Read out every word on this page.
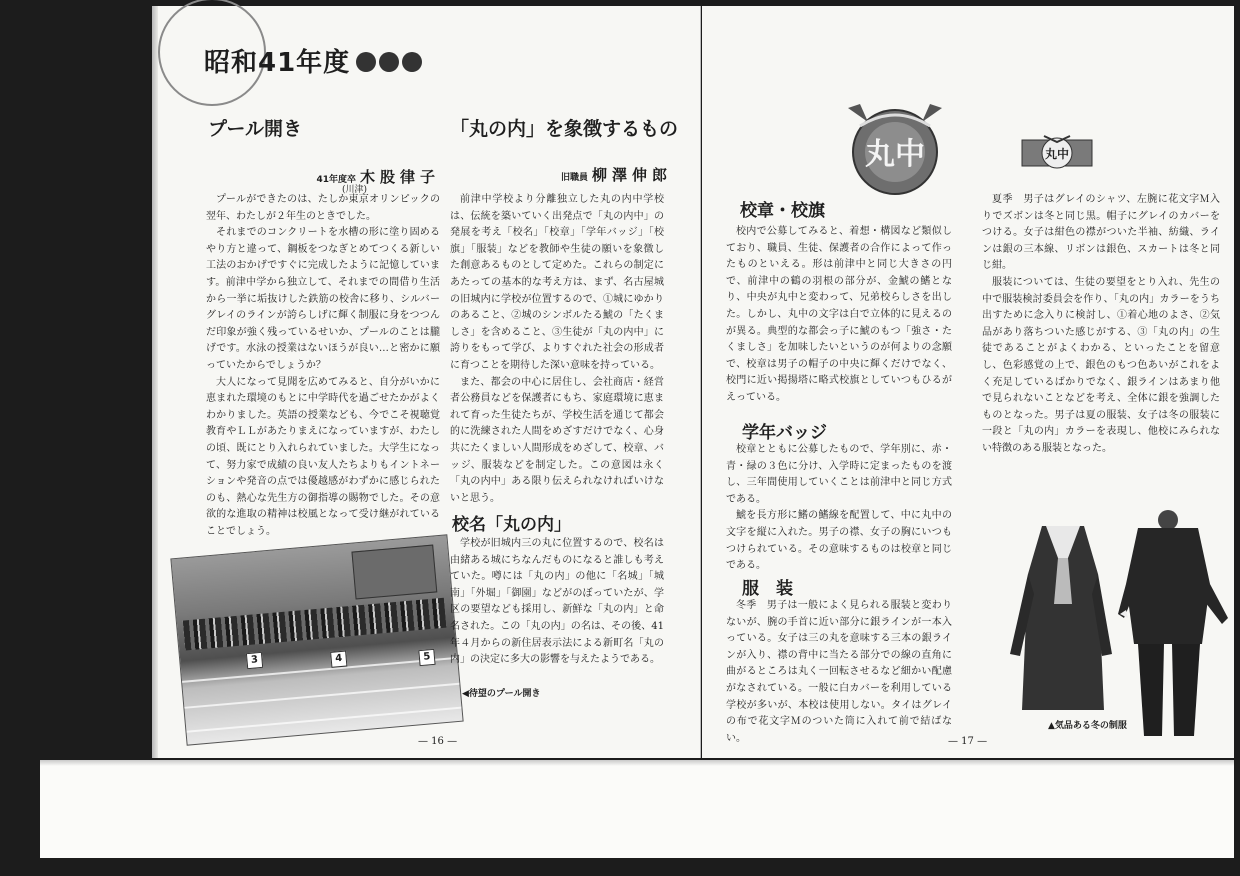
昭和41年度
プール開き
41年度卒 木股律子
(川津)

プールができたのは、たしか東京オリンピックの翌年、わたしが２年生のときでした。

それまでのコンクリートを水槽の形に塗り固めるやり方と違って、鋼板をつなぎとめてつくる新しい工法のおかげですぐに完成したように記憶しています。前津中学から独立して、それまでの間借り生活から一挙に垢抜けした鉄筋の校舎に移り、シルバーグレイのラインが誇らしげに輝く制服に身をつつんだ印象が強く残っているせいか、プールのことは朧げです。水泳の授業はないほうが良い…と密かに願っていたからでしょうか？

大人になって見聞を広めてみると、自分がいかに恵まれた環境のもとに中学時代を過ごせたかがよくわかりました。英語の授業なども、今でこそ視聴覚教育やＬＬがあたりまえになっていますが、わたしの頃、既にとり入れられていました。大学生になって、努力家で成績の良い友人たちよりもイントネーションや発音の点では優越感がわずかに感じられたのも、熱心な先生方の御指導の賜物でした。その意欲的な進取の精神は校風となって受け継がれていることでしょう。

3	4	5
◀待望のプール開き
「丸の内」を象徴するもの
旧職員 柳澤伸郎

前津中学校より分離独立した丸の内中学校は、伝統を築いていく出発点で「丸の内中」の発展を考え「校名」「校章」「学年バッジ」「校旗」「服装」などを教師や生徒の願いを象徴した創意あるものとして定めた。これらの制定にあたっての基本的な考え方は、まず、名古屋城の旧城内に学校が位置するので、①城にゆかりのあること、②城のシンボルたる鯱の「たくましさ」を含めること、③生徒が「丸の内中」に誇りをもって学び、よりすぐれた社会の形成者に育つことを期待した深い意味を持っている。

また、都会の中心に居住し、会社商店・経営者公務員などを保護者にもち、家庭環境に恵まれて育った生徒たちが、学校生活を通じて都会的に洗練された人間をめざすだけでなく、心身共にたくましい人間形成をめざして、校章、バッジ、服装などを制定した。この意図は永く「丸の内中」ある限り伝えられなければいけないと思う。

校名「丸の内」

学校が旧城内三の丸に位置するので、校名は由緒ある城にちなんだものになると誰しも考えていた。噂には「丸の内」の他に「名城」「城南」「外堀」「御園」などがのぼっていたが、学区の要望なども採用し、新鮮な「丸の内」と命名された。この「丸の内」の名は、その後、41年４月からの新住居表示法による新町名「丸の内」の決定に多大の影響を与えたようである。

— 16 —
丸中	丸中
校章・校旗

校内で公募してみると、着想・構図など類似しており、職員、生徒、保護者の合作によって作ったものといえる。形は前津中と同じ大きさの円で、前津中の鶴の羽根の部分が、金鯱の鰭となり、中央が丸中と変わって、兄弟校らしさを出した。しかし、丸中の文字は白で立体的に見えるのが異る。典型的な都会っ子に鯱のもつ「強さ・たくましさ」を加味したいというのが何よりの念願で、校章は男子の帽子の中央に輝くだけでなく、校門に近い掲揚塔に略式校旗としていつもひるがえっている。

学年バッジ

校章とともに公募したもので、学年別に、赤・青・緑の３色に分け、入学時に定まったものを渡し、三年間使用していくことは前津中と同じ方式である。

鯱を長方形に鰭の鰭線を配置して、中に丸中の文字を縦に入れた。男子の襟、女子の胸にいつもつけられている。その意味するものは校章と同じである。

服　装

冬季　男子は一般によく見られる服装と変わりないが、腕の手首に近い部分に銀ラインが一本入っている。女子は三の丸を意味する三本の銀ラインが入り、襟の背中に当たる部分での線の直角に曲がるところは丸く一回転させるなど細かい配慮がなされている。一般に白カバーを利用している学校が多いが、本校は使用しない。タイはグレイの布で花文字Ｍのついた筒に入れて前で結ばない。

夏季　男子はグレイのシャツ、左腕に花文字Ｍ入りでズボンは冬と同じ黒。帽子にグレイのカバーをつける。女子は紺色の襟がついた半袖、紡織、ラインは銀の三本線、リボンは銀色、スカートは冬と同じ紺。

服装については、生徒の要望をとり入れ、先生の中で服装検討委員会を作り、「丸の内」カラーをうち出すために念入りに検討し、①着心地のよさ、②気品があり落ちついた感じがする、③「丸の内」の生徒であることがよくわかる、といったことを留意し、色彩感覚の上で、銀色のもつ色あいがこれをよく充足しているばかりでなく、銀ラインはあまり他で見られないことなどを考え、全体に銀を強調したものとなった。男子は夏の服装、女子は冬の服装に一段と「丸の内」カラーを表現し、他校にみられない特徴のある服装となった。

▲気品ある冬の制服
— 17 —
